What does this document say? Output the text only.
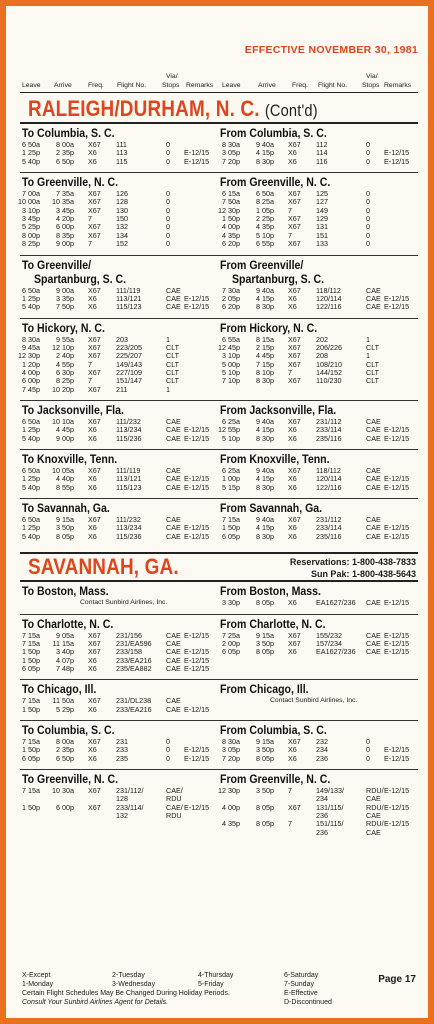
EFFECTIVE NOVEMBER 30, 1981
Leave Arrive Freq. Flight No.
Via/
Stops Remarks Leave	Arrive Freq. Flight No.
Via/
Stops Remarks
X-Except
1-Monday
2-Tuesday
3-Wednesday
4-Thursday
5-Friday
6-Saturday
7-Sunday
Certain Flight Schedules May Be Changed During Holiday Periods.	E-Effective
Consult Your Sunbird Airlines Agent for Details.	D-Discontinued
Page 17
RALEIGH/DURHAM, N. C. (Cont'd)
To Columbia, S. C.	From Columbia, S. C.
6 50a	8 00a X67 111	0
1 25p	2 35p X6	113	0 E-12/15
5 40p	6 50p X6	115	0 E-12/15
8 30a	9 40a X67 112	0
3 05p	4 15p X6	114	0 E-12/15
7 20p	8 30p X6	116	0 E-12/15
To Greenville, N. C.	From Greenville, N. C.
7 00a	7 35a X67 126	0
10 00a 10 35a X67 128	0
3 10p	3 45p X67 130	0
3 45p	4 20p 7	150	0
5 25p	6 00p X67 132	0
8 00p	8 35p X67 134	0
8 25p	9 00p 7	152	0
6 15a	6 50a X67 125	0
7 50a	8 25a X67 127	0
12 30p	1 05p 7	149	0
1 50p	2 25p X67 129	0
4 00p	4 35p X67 131	0
4 35p	5 10p 7	151	0
6 20p	6 55p X67 133	0
To Greenville/	From Greenville/
Spartanburg, S. C.	Spartanburg, S. C.
6 50a	9 00a X67 111/119	CAE
1 25p	3 35p X6	113/121	CAE E-12/15
5 40p	7 50p X6	115/123	CAE E-12/15
7 30a	9 40a X67 118/112	CAE
2 05p	4 15p X6	120/114	CAE E-12/15
6 20p	8 30p X6	122/116	CAE E-12/15
To Hickory, N. C.	From Hickory, N. C.
8 30a	9 55a X67 203	1
9 45a 12 10p X67 223/205	CLT
12 30p	2 40p X67 225/207	CLT
1 20p	4 55p 7	149/143	CLT
4 00p	6 30p X67 227/109	CLT
6 00p	8 25p 7	151/147	CLT
7 45p 10 20p X67 211	1
6 55a	8 15a X67 202	1
12 45p	2 15p X67 206/226	CLT
3 10p	4 45p X67 208	1
5 00p	7 15p X67 108/210	CLT
5 10p	8 10p 7	144/152	CLT
7 10p	8 30p X67 110/230	CLT
To Jacksonville, Fla.	From Jacksonville, Fla.
6 50a 10 10a X67 111/232	CAE
1 25p	4 45p X6	113/234	CAE E-12/15
5 40p	9 00p X6	115/236	CAE E-12/15
6 25a	9 40a X67 231/112	CAE
12 55p	4 15p X6	233/114	CAE E-12/15
5 10p	8 30p X6	235/116	CAE E-12/15
To Knoxville, Tenn.	From Knoxville, Tenn.
6 50a 10 05a X67 111/119	CAE
1 25p	4 40p X6	113/121	CAE E-12/15
5 40p	8 55p X6	115/123	CAE E-12/15
6 25a	9 40a X67 118/112	CAE
1 00p	4 15p X6	120/114	CAE E-12/15
5 15p	8 30p X6	122/116	CAE E-12/15
To Savannah, Ga.	From Savannah, Ga.
6 50a	9 15a X67 111/232	CAE
1 25p	3 50p X6	113/234	CAE E-12/15
5 40p	8 05p X6	115/236	CAE E-12/15
7 15a	9 40a X67 231/112	CAE
1 50p	4 15p X6	233/114	CAE E-12/15
6 05p	8 30p X6	235/116	CAE E-12/15
SAVANNAH, GA.	Reservations: 1-800-438-7833
Sun Pak: 1-800-438-5643
To Boston, Mass.	From Boston, Mass.
Contact Sunbird Airlines, Inc.	3 30p	8 05p X6	EA1627/236 CAE E-12/15
To Charlotte, N. C.	From Charlotte, N. C.
7 15a	9 05a X67 231/156	CAE E-12/15
7 15a	11 15a X67 231/EA596 CAE
1 50p	3 40p X67 233/158	CAE E-12/15
1 50p	4 07p X6	233/EA216 CAE E-12/15
6 05p	7 48p X6	235/EA882 CAE E-12/15
7 25a	9 15a X67 155/232	CAE E-12/15
2 00p	3 50p X67 157/234	CAE E-12/15
6 05p	8 05p X6	EA1627/236 CAE E-12/15
To Chicago, Ill.	From Chicago, Ill.
Contact Sunbird Airlines, Inc.
7 15a	11 50a X67 231/DL238 CAE
1 50p	5 29p X6	233/EA216 CAE E-12/15
To Columbia, S. C.	From Columbia, S. C.
7 15a	8 00a X67 231	0
1 50p	2 35p X6	233	0 E-12/15
6 05p	6 50p X6	235	0 E-12/15
8 30a	9 15a X67 232	0
3 05p	3 50p X6	234	0 E-12/15
7 20p	8 05p X6	236	0 E-12/15
To Greenville, N. C.	From Greenville, N. C.
7 15a 10 30a X67 231/112/	CAE/
128	RDU
1 50p	6 00p X67 233/114/	CAE/ E-12/15
132	RDU
12 30p	3 50p 7	149/133/	RDU/ E-12/15
234	CAE
4 00p	8 05p X67 131/115/	RDU/ E-12/15
236	CAE
4 35p	8 05p 7	151/115/	RDU/ E-12/15
236	CAE
